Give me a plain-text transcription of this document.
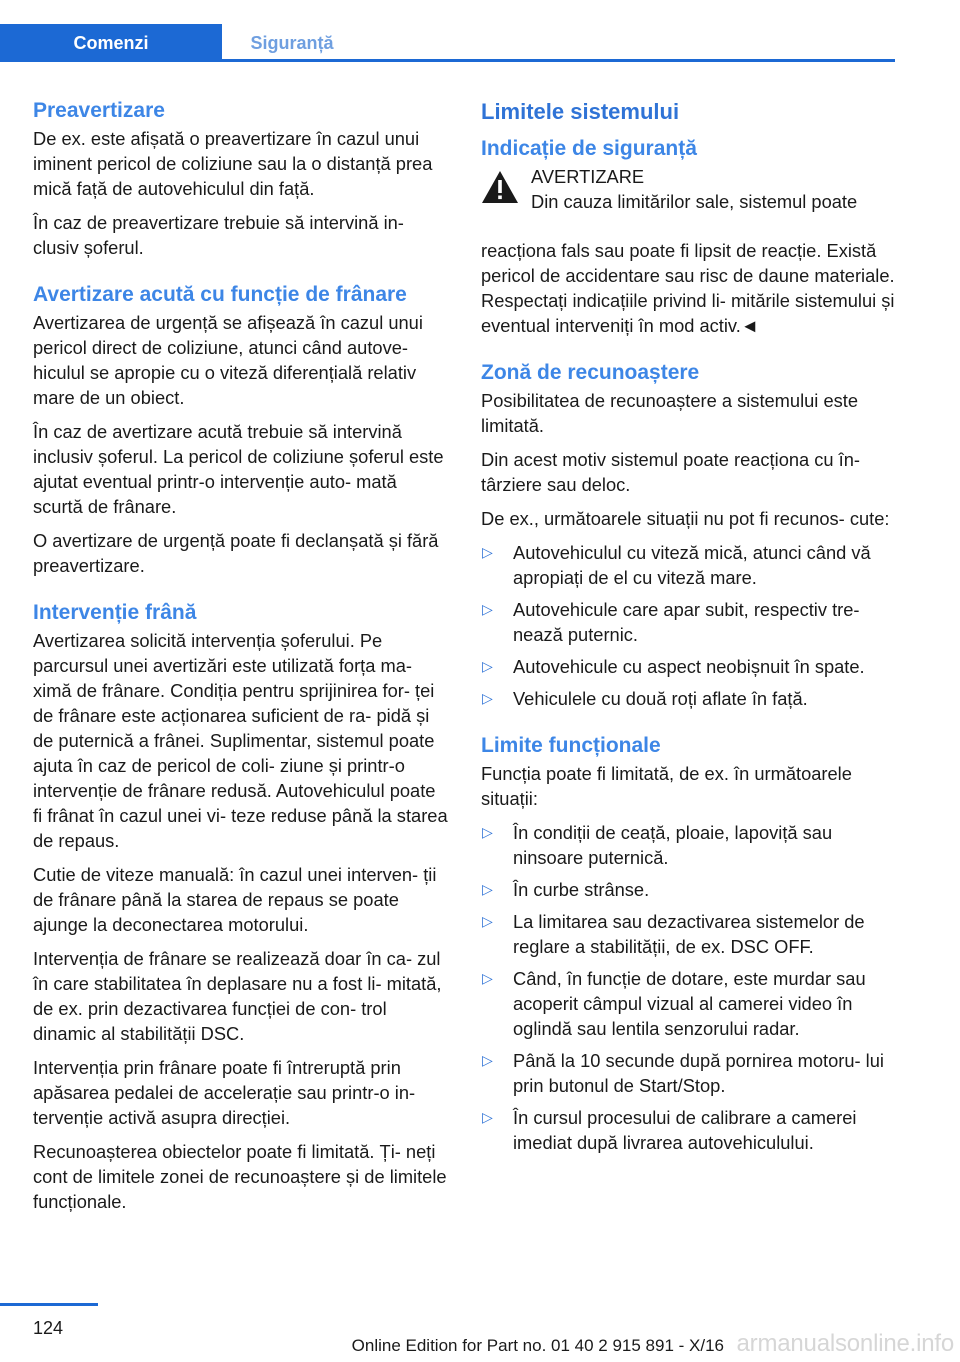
Comenzi	Siguranță
Preavertizare

De ex. este afișată o preavertizare în cazul unui iminent pericol de coliziune sau la o distanță prea mică față de autovehiculul din față.

În caz de preavertizare trebuie să intervină in- clusiv șoferul.

Avertizare acută cu funcție de frânare

Avertizarea de urgență se afișează în cazul unui pericol direct de coliziune, atunci când autove- hiculul se apropie cu o viteză diferențială relativ mare de un obiect.

În caz de avertizare acută trebuie să intervină inclusiv șoferul. La pericol de coliziune șoferul este ajutat eventual printr-o intervenție auto- mată scurtă de frânare.

O avertizare de urgență poate fi declanșată și fără preavertizare.

Intervenție frână

Avertizarea solicită intervenția șoferului. Pe parcursul unei avertizări este utilizată forța ma- ximă de frânare. Condiția pentru sprijinirea for- ței de frânare este acționarea suficient de ra- pidă și de puternică a frânei. Suplimentar, sistemul poate ajuta în caz de pericol de coli- ziune și printr-o intervenție de frânare redusă. Autovehiculul poate fi frânat în cazul unei vi- teze reduse până la starea de repaus.

Cutie de viteze manuală: în cazul unei interven- ții de frânare până la starea de repaus se poate ajunge la deconectarea motorului.

Intervenția de frânare se realizează doar în ca- zul în care stabilitatea în deplasare nu a fost li- mitată, de ex. prin dezactivarea funcției de con- trol dinamic al stabilității DSC.

Intervenția prin frânare poate fi întreruptă prin apăsarea pedalei de accelerație sau printr-o in- tervenție activă asupra direcției.

Recunoașterea obiectelor poate fi limitată. Ți- neți cont de limitele zonei de recunoaștere și de limitele funcționale.

Limitele sistemului
Indicație de siguranță
AVERTIZARE

Din cauza limitărilor sale, sistemul poate

reacționa fals sau poate fi lipsit de reacție. Există pericol de accidentare sau risc de daune materiale. Respectați indicațiile privind li- mitările sistemului și eventual interveniți în mod activ.◄

Zonă de recunoaștere

Posibilitatea de recunoaștere a sistemului este limitată.

Din acest motiv sistemul poate reacționa cu în- târziere sau deloc.

De ex., următoarele situații nu pot fi recunos- cute:

▷ Autovehiculul cu viteză mică, atunci când vă apropiați de el cu viteză mare.
▷ Autovehicule care apar subit, respectiv tre- nează puternic.
▷ Autovehicule cu aspect neobișnuit în spate.
▷ Vehiculele cu două roți aflate în față.
Limite funcționale

Funcția poate fi limitată, de ex. în următoarele situații:

▷ În condiții de ceață, ploaie, lapoviță sau ninsoare puternică.
▷ În curbe strânse.
▷ La limitarea sau dezactivarea sistemelor de reglare a stabilității, de ex. DSC OFF.
▷ Când, în funcție de dotare, este murdar sau acoperit câmpul vizual al camerei video în oglindă sau lentila senzorului radar.
▷ Până la 10 secunde după pornirea motoru- lui prin butonul de Start/Stop.
▷ În cursul procesului de calibrare a camerei imediat după livrarea autovehiculului.
124
Online Edition for Part no. 01 40 2 915 891 - X/16 armanualsonline.info
